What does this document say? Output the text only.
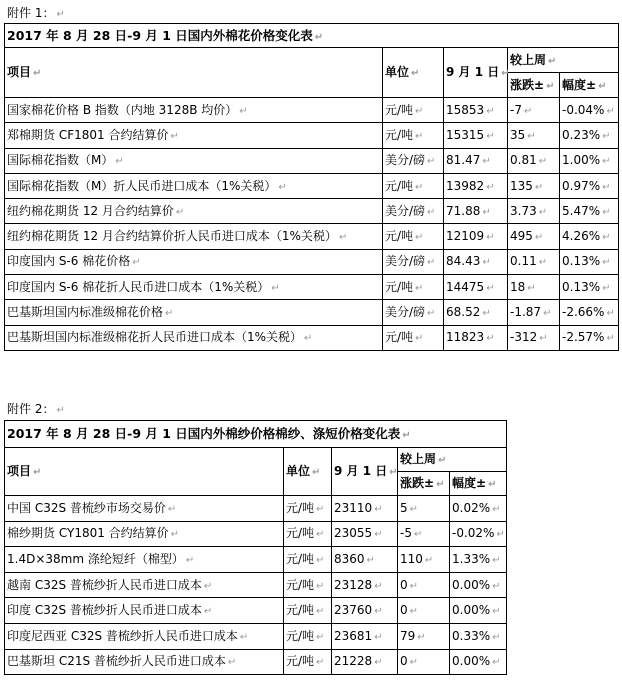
附件 1： ↵
2017 年 8 月 28 日-9 月 1 日国内外棉花价格变化表 ↵				
项目 ↵	单位 ↵	9 月 1 日 ↵	较上周 ↵	
			涨跌± ↵	幅度± ↵
国家棉花价格 B 指数（内地 3128B 均价） ↵	元/吨 ↵	15853 ↵	-7 ↵	-0.04% ↵
郑棉期货 CF1801 合约结算价 ↵	元/吨 ↵	15315 ↵	35 ↵	0.23% ↵
国际棉花指数（M） ↵	美分/磅 ↵	81.47 ↵	0.81 ↵	1.00% ↵
国际棉花指数（M）折人民币进口成本（1%关税） ↵	元/吨 ↵	13982 ↵	135 ↵	0.97% ↵
纽约棉花期货 12 月合约结算价 ↵	美分/磅 ↵	71.88 ↵	3.73 ↵	5.47% ↵
纽约棉花期货 12 月合约结算价折人民币进口成本（1%关税） ↵	元/吨 ↵	12109 ↵	495 ↵	4.26% ↵
印度国内 S-6 棉花价格 ↵	美分/磅 ↵	84.43 ↵	0.11 ↵	0.13% ↵
印度国内 S-6 棉花折人民币进口成本（1%关税） ↵	元/吨 ↵	14475 ↵	18 ↵	0.13% ↵
巴基斯坦国内标准级棉花价格 ↵	美分/磅 ↵	68.52 ↵	-1.87 ↵	-2.66% ↵
巴基斯坦国内标准级棉花折人民币进口成本（1%关税） ↵	元/吨 ↵	11823 ↵	-312 ↵	-2.57% ↵
附件 2： ↵
2017 年 8 月 28 日-9 月 1 日国内外棉纱价格棉纱、涤短价格变化表 ↵				
项目 ↵	单位 ↵	9 月 1 日 ↵	较上周 ↵	
			涨跌± ↵	幅度± ↵
中国 C32S 普梳纱市场交易价 ↵	元/吨 ↵	23110 ↵	5 ↵	0.02% ↵
棉纱期货 CY1801 合约结算价 ↵	元/吨 ↵	23055 ↵	-5 ↵	-0.02% ↵
1.4D×38mm 涤纶短纤（棉型） ↵	元/吨 ↵	8360 ↵	110 ↵	1.33% ↵
越南 C32S 普梳纱折人民币进口成本 ↵	元/吨 ↵	23128 ↵	0 ↵	0.00% ↵
印度 C32S 普梳纱折人民币进口成本 ↵	元/吨 ↵	23760 ↵	0 ↵	0.00% ↵
印度尼西亚 C32S 普梳纱折人民币进口成本 ↵	元/吨 ↵	23681 ↵	79 ↵	0.33% ↵
巴基斯坦 C21S 普梳纱折人民币进口成本 ↵	元/吨 ↵	21228 ↵	0 ↵	0.00% ↵
